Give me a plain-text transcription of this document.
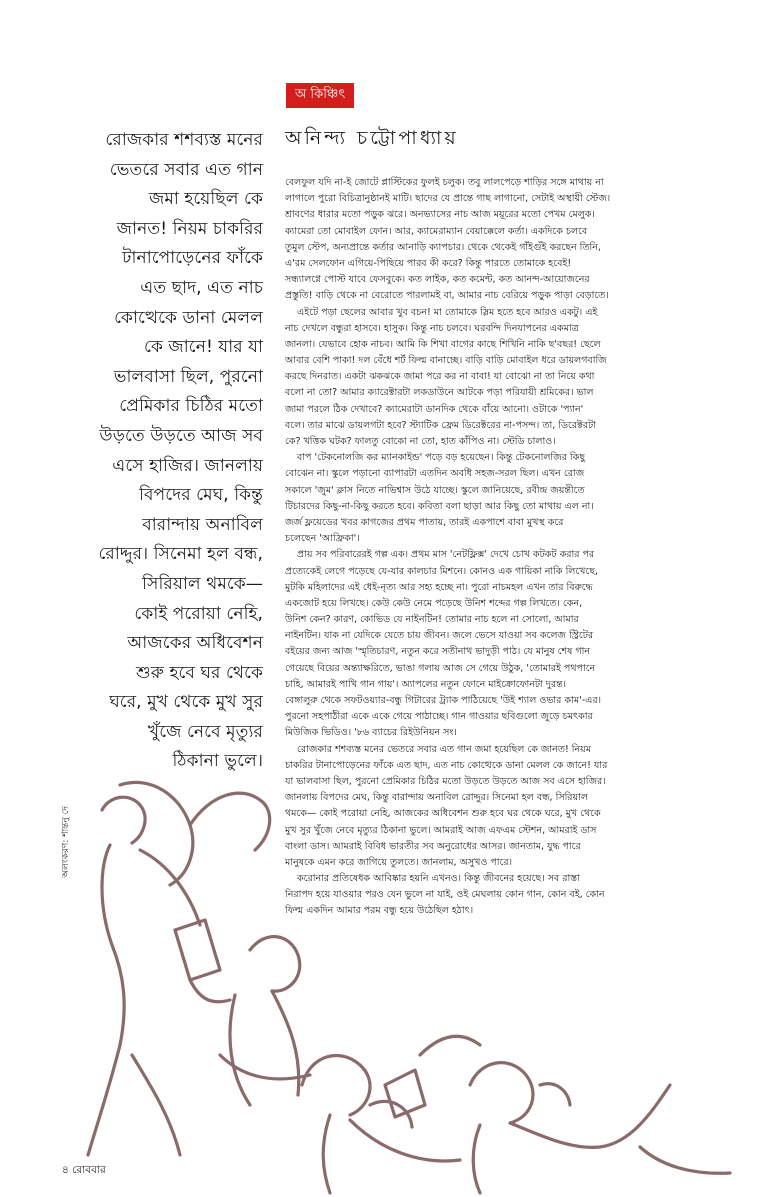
অ কিঞ্চিৎ
অনিন্দ্য চট্টোপাধ্যায়
রোজকার শশব্যস্ত মনের
ভেতরে সবার এত গান
জমা হয়েছিল কে
জানত! নিয়ম চাকরির
টানাপোড়েনের ফাঁকে
এত ছাদ, এত নাচ
কোত্থেকে ডানা মেলল
কে জানে! যার যা
ভালবাসা ছিল, পুরনো
প্রেমিকার চিঠির মতো
উড়তে উড়তে আজ সব
এসে হাজির। জানলায়
বিপদের মেঘ, কিন্তু
বারান্দায় অনাবিল
রোদ্দুর। সিনেমা হল বন্ধ,
সিরিয়াল থমকে—
কোই পরোয়া নেহি,
আজকের অধিবেশন
শুরু হবে ঘর থেকে
ঘরে, মুখ থেকে মুখ সুর
খুঁজে নেবে মৃত্যুর
ঠিকানা ভুলে।

বেলফুল যদি না-ই জোটে প্লাস্টিকের ফুলই চলুক। তবু লালপেড়ে শাড়ির সঙ্গে মাথায় না
লাগালে পুরো বিচিত্রানুষ্ঠানই মাটি। ছাদের যে প্রান্তে গাছ লাগানো, সেটাই অস্থায়ী স্টেজ।
শ্রাবণের ধারার মতো পড়ুক ঝরে। অনভ্যাসের নাচ আজ ময়ূরের মতো পেখম মেলুক।
ক্যামেরা তো মোবাইল ফোন। আর, ক্যামেরাম্যান বেয়াক্কেলে কর্তা। একদিকে চলবে
তুমুল স্টেপ, অন্যপ্রান্তে কর্তার আনাড়ি ক্যাপচার। থেকে থেকেই গাঁইগুঁই করছেন তিনি,
এ'রম সেলফোন এগিয়ে-পিছিয়ে পারব কী করে? কিন্তু পারতে তোমাকে হবেই!
সন্ধ্যালগ্নে পোস্ট যাবে ফেসবুকে। কত লাইক, কত কমেন্ট, কত আনন্দ-আয়োজনের
প্রস্তুতি! বাড়ি থেকে না বেরোতে পারলামই বা, আমার নাচ বেরিয়ে পড়ুক পাড়া বেড়াতে।

এইটে পড়া ছেলের আবার খুব বচন! মা তোমাকে স্লিম হতে হবে আরও একটু। এই
নাচ দেখলে বন্ধুরা হাসবে। হাসুক। কিন্তু নাচ চলবে। ঘরবন্দি দিনযাপনের একমাত্র
জানলা। যেভাবে হোক নাচব। আমি কি শিখা বাগের কাছে শিখিনি নাকি ছ'বছর! ছেলে
আবার বেশি পাকা! দল বেঁধে শর্ট ফিল্ম বানাচ্ছে। বাড়ি বাড়ি মোবাইল ধরে ডায়লগবাজি
করছে দিনরাত। একটা ঝকঝকে জামা পরে কর না বাবা! যা বোঝো না তা নিয়ে কথা
বলো না তো? আমার ক্যারেক্টারটা লকডাউনে আটকে পড়া পরিযায়ী শ্রমিকের। ভাল
জামা পরলে ঠিক দেখাবে? ক্যামেরাটা ডানদিক থেকে বাঁয়ে আনো। ওটাকে 'প্যান'
বলে। তার মাঝে ডায়লগটা হবে? স্ট্যাটিক ফ্রেম ডিরেক্টরের না-পসন্দ। তা, ডিরেক্টরটা
কে? খত্তিক ঘটক? ফালতু বোকো না তো, হাত কাঁপিও না। স্টেডি চালাও।

বাপ 'টেকনোলজি কর ম্যানকাইন্ড' পড়ে বড় হয়েছেন। কিন্তু টেকনোলজির কিছু
বোঝেন না। স্কুলে পড়ানো ব্যাপারটা এতদিন অবধি সহজ-সরল ছিল। এখন রোজ
সকালে 'জুম' ক্লাস নিতে নাভিশ্বাস উঠে যাচ্ছে। স্কুলে জানিয়েছে, রবীন্দ্র জয়ন্তীতে
টিচারদের কিছু-না-কিছু করতে হবে। কবিতা বলা ছাড়া আর কিছু তো মাথায় এল না।
জর্জ ফ্লয়েডের খবর কাগজের প্রথম পাতায়, তারই একপাশে বাবা মুখস্থ করে
চলেছেন 'আফ্রিকা'।

প্রায় সব পরিবারেরই গল্প এক। প্রথম মাস 'নেটফ্লিক্স' দেখে চোখ কটকট করার পর
প্রত্যেকেই লেগে পড়েছে যে-যার কালচার মিশনে। কোনও এক গায়িকা নাকি লিখেছে,
মুটকি মহিলাদের এই ধেই-নৃত্য আর সহ্য হচ্ছে না। পুরো নাচমহল এখন তার বিরুদ্ধে
একজোট হয়ে লিখছে। কেউ কেউ নেমে পড়েছে উনিশ শব্দের গল্প লিখতে। কেন,
উনিশ কেন? কারণ, কোভিড যে নাইনটিন! তোমার নাচ হলে না সোলো, আমার
নাইনটিন। যাক না যেদিকে যেতে চায় জীবন। জলে ভেসে যাওয়া সব কলেজ স্ট্রিটের
বইয়ের জন্য আজ 'স্মৃতিচারণ, নতুন করে সতীনাথ ভাদুড়ী পাঠ। যে মানুষ শেষ গান
গেয়েছে বিয়ের অন্ত্যাক্ষরিতে, ভাঙা গলায় আজ সে গেয়ে উঠুক, 'তোমারই পথপানে
চাহি, আমারই পাখি গান গায়'। অ্যাপলের নতুন ফোনে মাইক্রোফোনটা দুরন্ত।
বেঙ্গালুরু থেকে সফটওয়্যার-বন্ধু গিটারের ট্র্যাক পাঠিয়েছে 'উই শ্যাল ওভার কাম'-এর।
পুরনো সহপাঠীরা একে একে গেয়ে পাঠাচ্ছে। গান গাওয়ার ছবিগুলো জুড়ে চমৎকার
মিউজিক ভিডিও। '৮৬ ব্যাচের রিইউনিয়ন সং।

রোজকার শশব্যস্ত মনের ভেতরে সবার এত গান জমা হয়েছিল কে জানত! নিয়ম
চাকরির টানাপোড়েনের ফাঁকে এত ছাদ, এত নাচ কোত্থেকে ডানা মেলল কে জানে! যার
যা ভালবাসা ছিল, পুরনো প্রেমিকার চিঠির মতো উড়তে উড়তে আজ সব এসে হাজির।
জানলায় বিপদের মেঘ, কিন্তু বারান্দায় অনাবিল রোদ্দুর। সিনেমা হল বন্ধ, সিরিয়াল
থমকে— কোই পরোয়া নেহি, আজকের অধিবেশন শুরু হবে ঘর থেকে ঘরে, মুখ থেকে
মুখ সুর খুঁজে নেবে মৃত্যুর ঠিকানা ভুলে। আমরাই আজ এফএম স্টেশন, আমরাই ডাস
বাংলা ডাস। আমরাই বিবিধ ভারতীর সব অনুরোধের আসর। জানতাম, যুদ্ধ পারে
মানুষকে এমন করে জাগিয়ে তুলতে। জানলাম, অসুখও পারে।

করোনার প্রতিষেধক আবিষ্কার হয়নি এখনও। কিন্তু জীবনের হয়েছে। সব রাস্তা
নিরাপদ হয়ে যাওয়ার পরও যেন ভুলে না যাই, ওই মেঘলায় কোন গান, কোন বই, কোন
ফিল্ম একদিন আমার পরম বন্ধু হয়ে উঠেছিল হঠাৎ।

অলংকরণ: শান্তনু দে
৪ রোববার
